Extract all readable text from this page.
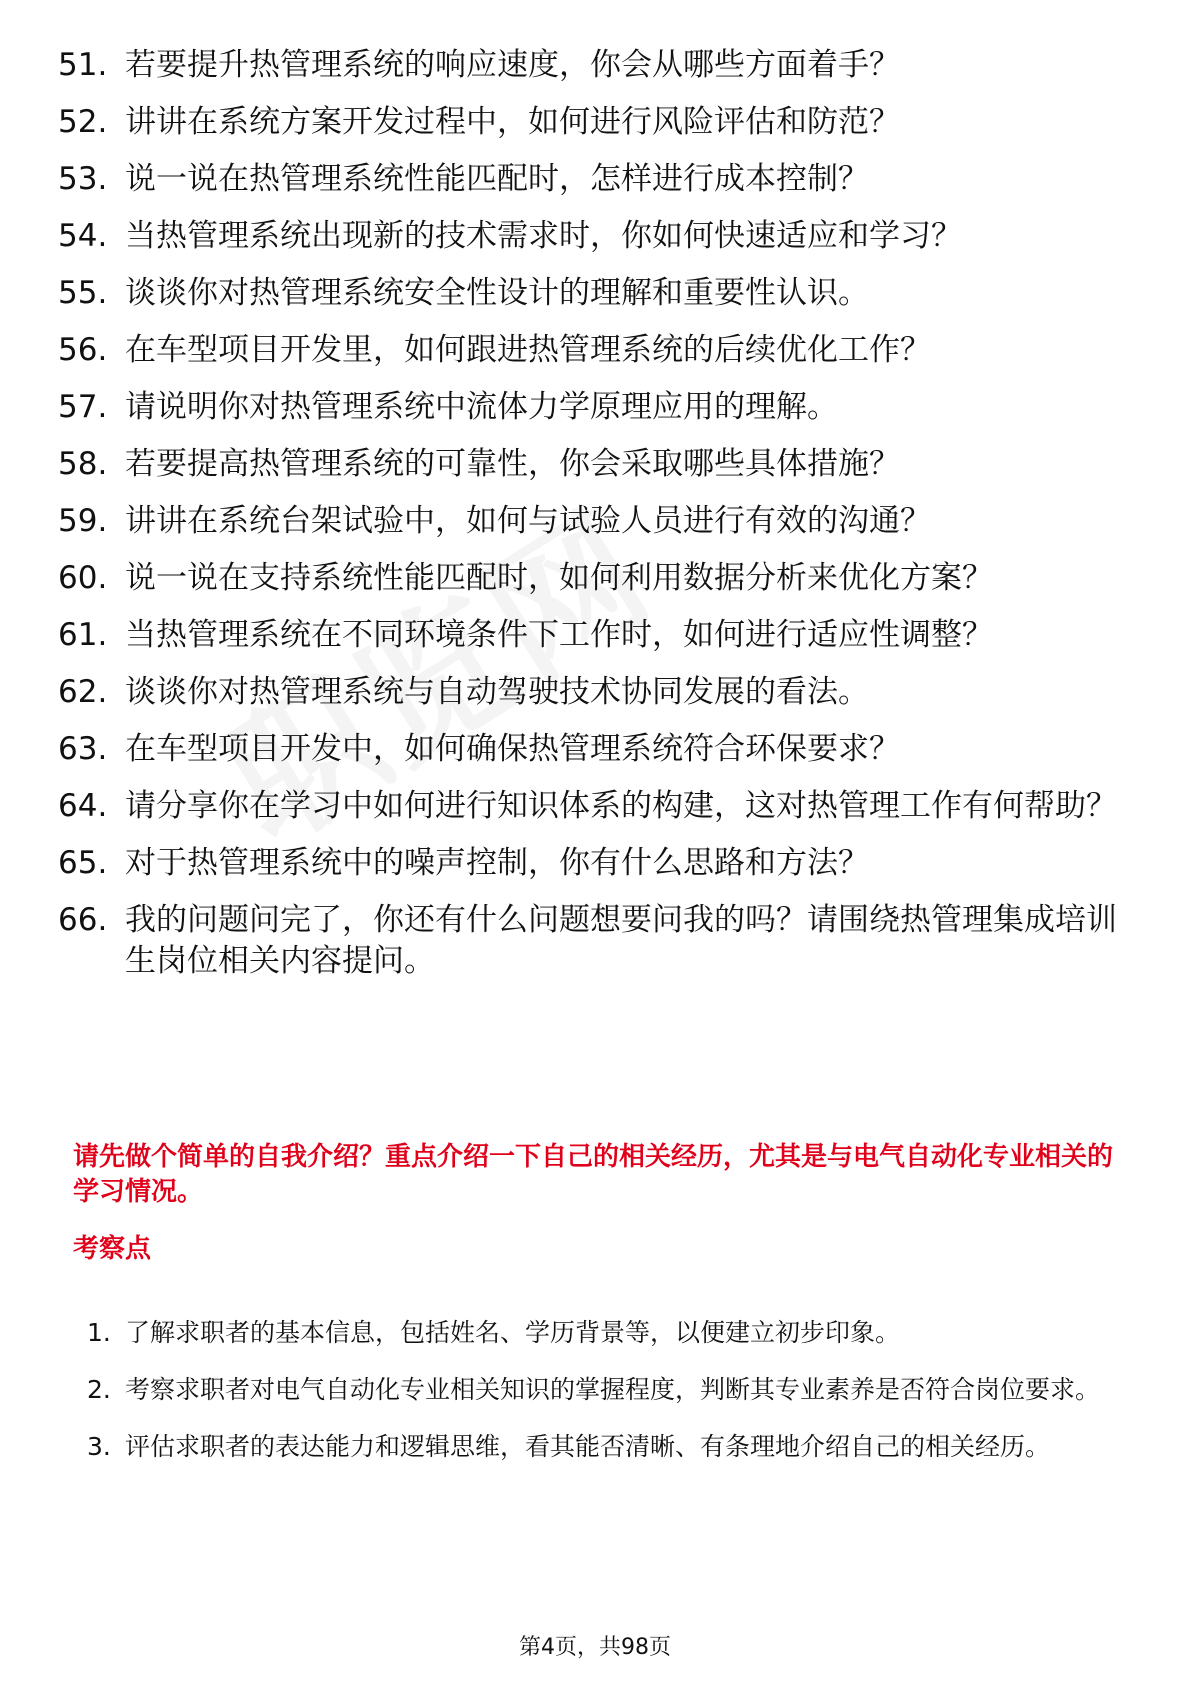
51. 若要提升热管理系统的响应速度，你会从哪些方面着手？
52. 讲讲在系统方案开发过程中，如何进行风险评估和防范？
53. 说一说在热管理系统性能匹配时，怎样进行成本控制？
54. 当热管理系统出现新的技术需求时，你如何快速适应和学习？
55. 谈谈你对热管理系统安全性设计的理解和重要性认识。
56. 在车型项目开发里，如何跟进热管理系统的后续优化工作？
57. 请说明你对热管理系统中流体力学原理应用的理解。
58. 若要提高热管理系统的可靠性，你会采取哪些具体措施？
59. 讲讲在系统台架试验中，如何与试验人员进行有效的沟通？
60. 说一说在支持系统性能匹配时，如何利用数据分析来优化方案？
61. 当热管理系统在不同环境条件下工作时，如何进行适应性调整？
62. 谈谈你对热管理系统与自动驾驶技术协同发展的看法。
63. 在车型项目开发中，如何确保热管理系统符合环保要求？
64. 请分享你在学习中如何进行知识体系的构建，这对热管理工作有何帮助？
65. 对于热管理系统中的噪声控制，你有什么思路和方法？
66. 我的问题问完了，你还有什么问题想要问我的吗？请围绕热管理集成培训生岗位相关内容提问。
请先做个简单的自我介绍？重点介绍一下自己的相关经历，尤其是与电气自动化专业相关的学习情况。
考察点
1. 了解求职者的基本信息，包括姓名、学历背景等，以便建立初步印象。
2. 考察求职者对电气自动化专业相关知识的掌握程度，判断其专业素养是否符合岗位要求。
3. 评估求职者的表达能力和逻辑思维，看其能否清晰、有条理地介绍自己的相关经历。
第4页，共98页
